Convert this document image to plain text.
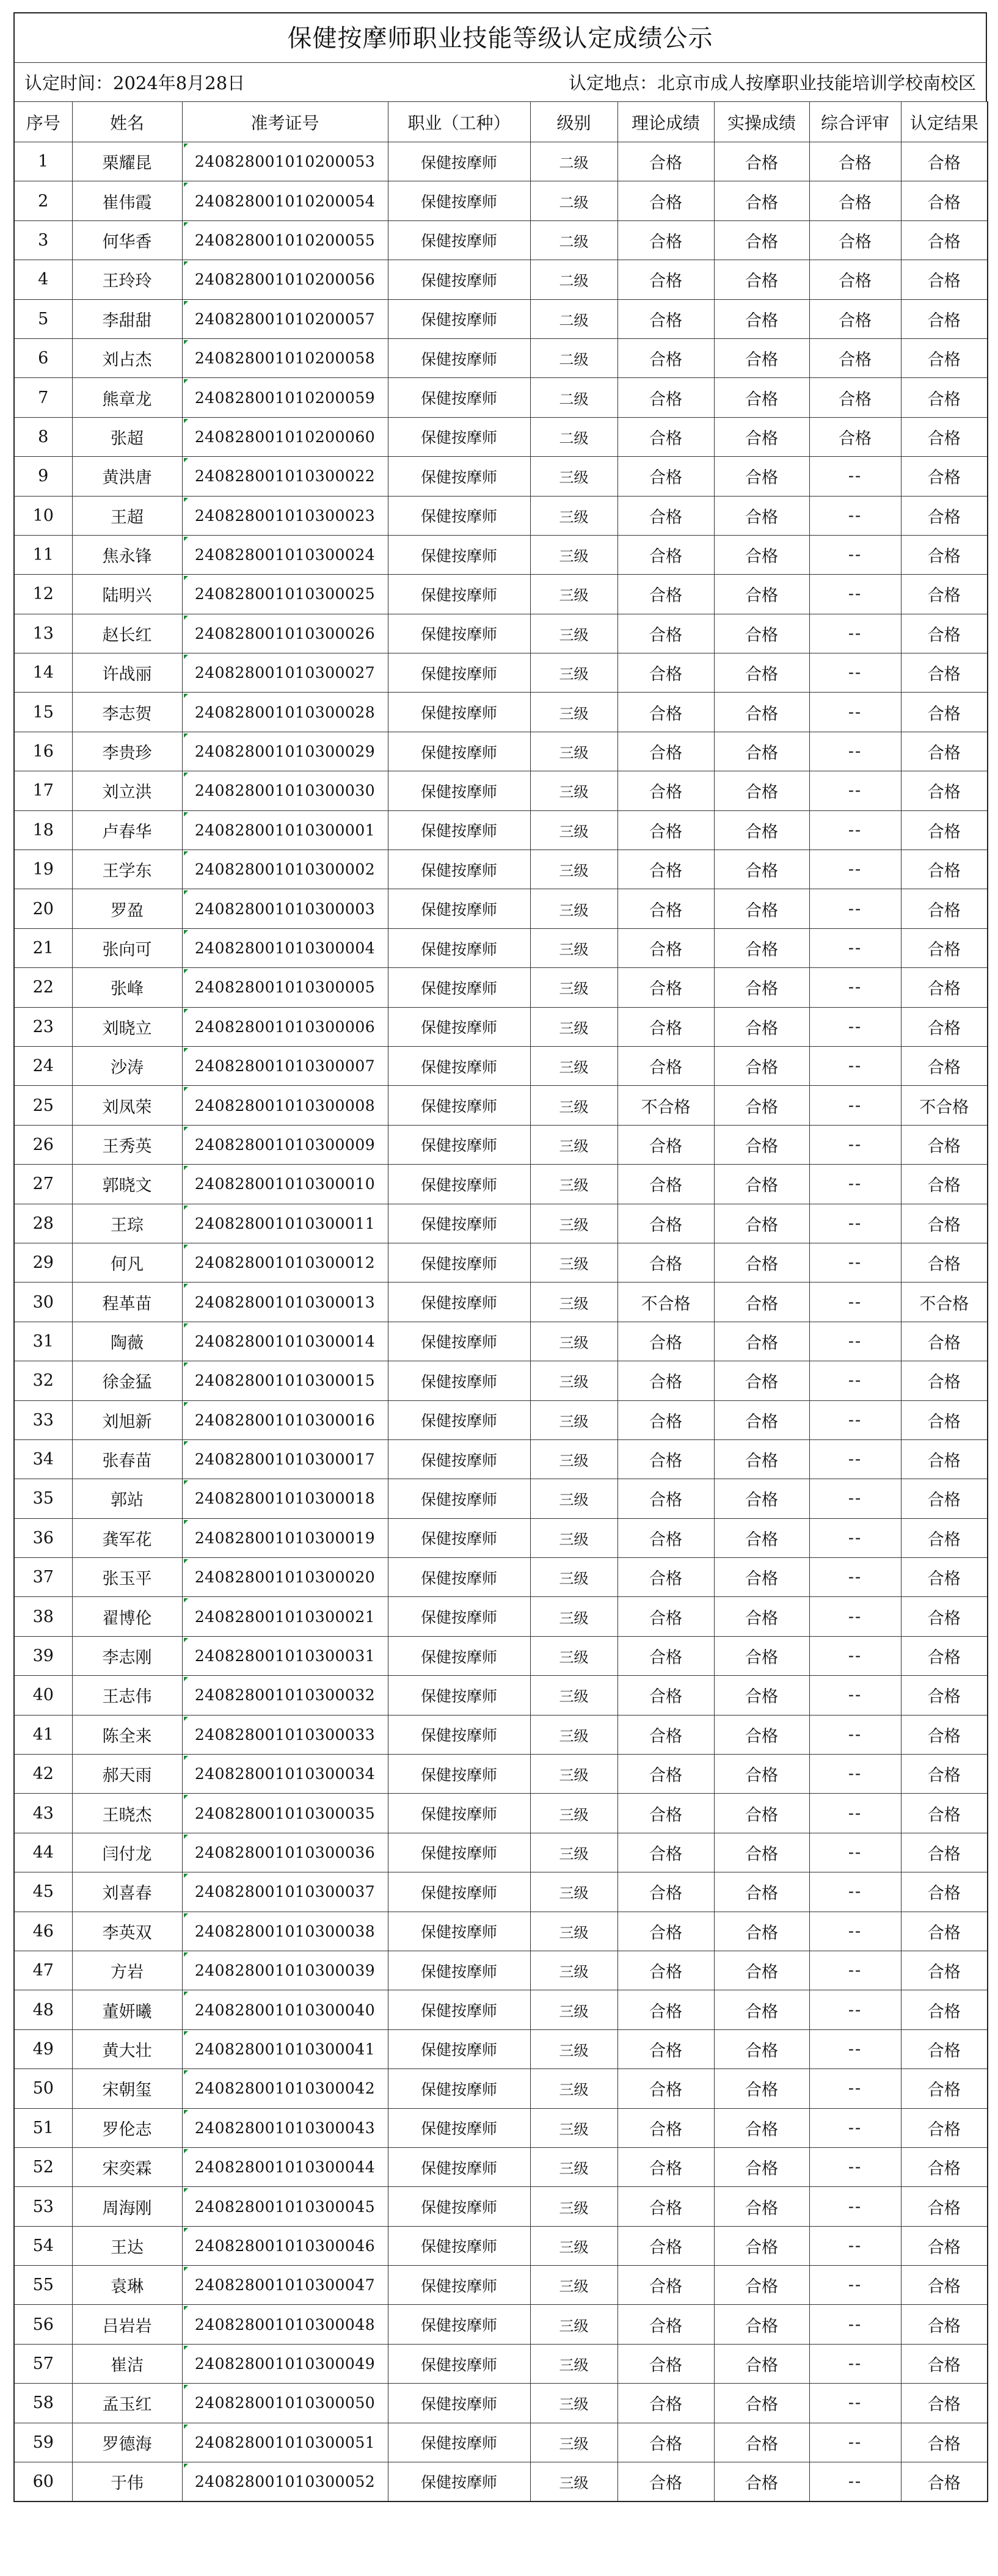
保健按摩师职业技能等级认定成绩公示
认定时间：2024年8月28日	认定地点：北京市成人按摩职业技能培训学校南校区
序号	姓名	准考证号	职业（工种）	级别	理论成绩	实操成绩	综合评审	认定结果
1	栗耀昆	240828001010200053	保健按摩师	二级	合格	合格	合格	合格
2	崔伟霞	240828001010200054	保健按摩师	二级	合格	合格	合格	合格
3	何华香	240828001010200055	保健按摩师	二级	合格	合格	合格	合格
4	王玲玲	240828001010200056	保健按摩师	二级	合格	合格	合格	合格
5	李甜甜	240828001010200057	保健按摩师	二级	合格	合格	合格	合格
6	刘占杰	240828001010200058	保健按摩师	二级	合格	合格	合格	合格
7	熊章龙	240828001010200059	保健按摩师	二级	合格	合格	合格	合格
8	张超	240828001010200060	保健按摩师	二级	合格	合格	合格	合格
9	黄洪唐	240828001010300022	保健按摩师	三级	合格	合格	--	合格
10	王超	240828001010300023	保健按摩师	三级	合格	合格	--	合格
11	焦永锋	240828001010300024	保健按摩师	三级	合格	合格	--	合格
12	陆明兴	240828001010300025	保健按摩师	三级	合格	合格	--	合格
13	赵长红	240828001010300026	保健按摩师	三级	合格	合格	--	合格
14	许战丽	240828001010300027	保健按摩师	三级	合格	合格	--	合格
15	李志贺	240828001010300028	保健按摩师	三级	合格	合格	--	合格
16	李贵珍	240828001010300029	保健按摩师	三级	合格	合格	--	合格
17	刘立洪	240828001010300030	保健按摩师	三级	合格	合格	--	合格
18	卢春华	240828001010300001	保健按摩师	三级	合格	合格	--	合格
19	王学东	240828001010300002	保健按摩师	三级	合格	合格	--	合格
20	罗盈	240828001010300003	保健按摩师	三级	合格	合格	--	合格
21	张向可	240828001010300004	保健按摩师	三级	合格	合格	--	合格
22	张峰	240828001010300005	保健按摩师	三级	合格	合格	--	合格
23	刘晓立	240828001010300006	保健按摩师	三级	合格	合格	--	合格
24	沙涛	240828001010300007	保健按摩师	三级	合格	合格	--	合格
25	刘凤荣	240828001010300008	保健按摩师	三级	不合格	合格	--	不合格
26	王秀英	240828001010300009	保健按摩师	三级	合格	合格	--	合格
27	郭晓文	240828001010300010	保健按摩师	三级	合格	合格	--	合格
28	王琮	240828001010300011	保健按摩师	三级	合格	合格	--	合格
29	何凡	240828001010300012	保健按摩师	三级	合格	合格	--	合格
30	程革苗	240828001010300013	保健按摩师	三级	不合格	合格	--	不合格
31	陶薇	240828001010300014	保健按摩师	三级	合格	合格	--	合格
32	徐金猛	240828001010300015	保健按摩师	三级	合格	合格	--	合格
33	刘旭新	240828001010300016	保健按摩师	三级	合格	合格	--	合格
34	张春苗	240828001010300017	保健按摩师	三级	合格	合格	--	合格
35	郭站	240828001010300018	保健按摩师	三级	合格	合格	--	合格
36	龚军花	240828001010300019	保健按摩师	三级	合格	合格	--	合格
37	张玉平	240828001010300020	保健按摩师	三级	合格	合格	--	合格
38	翟博伦	240828001010300021	保健按摩师	三级	合格	合格	--	合格
39	李志刚	240828001010300031	保健按摩师	三级	合格	合格	--	合格
40	王志伟	240828001010300032	保健按摩师	三级	合格	合格	--	合格
41	陈全来	240828001010300033	保健按摩师	三级	合格	合格	--	合格
42	郝天雨	240828001010300034	保健按摩师	三级	合格	合格	--	合格
43	王晓杰	240828001010300035	保健按摩师	三级	合格	合格	--	合格
44	闫付龙	240828001010300036	保健按摩师	三级	合格	合格	--	合格
45	刘喜春	240828001010300037	保健按摩师	三级	合格	合格	--	合格
46	李英双	240828001010300038	保健按摩师	三级	合格	合格	--	合格
47	方岩	240828001010300039	保健按摩师	三级	合格	合格	--	合格
48	董妍曦	240828001010300040	保健按摩师	三级	合格	合格	--	合格
49	黄大壮	240828001010300041	保健按摩师	三级	合格	合格	--	合格
50	宋朝玺	240828001010300042	保健按摩师	三级	合格	合格	--	合格
51	罗伦志	240828001010300043	保健按摩师	三级	合格	合格	--	合格
52	宋奕霖	240828001010300044	保健按摩师	三级	合格	合格	--	合格
53	周海刚	240828001010300045	保健按摩师	三级	合格	合格	--	合格
54	王达	240828001010300046	保健按摩师	三级	合格	合格	--	合格
55	袁琳	240828001010300047	保健按摩师	三级	合格	合格	--	合格
56	吕岩岩	240828001010300048	保健按摩师	三级	合格	合格	--	合格
57	崔洁	240828001010300049	保健按摩师	三级	合格	合格	--	合格
58	孟玉红	240828001010300050	保健按摩师	三级	合格	合格	--	合格
59	罗德海	240828001010300051	保健按摩师	三级	合格	合格	--	合格
60	于伟	240828001010300052	保健按摩师	三级	合格	合格	--	合格
